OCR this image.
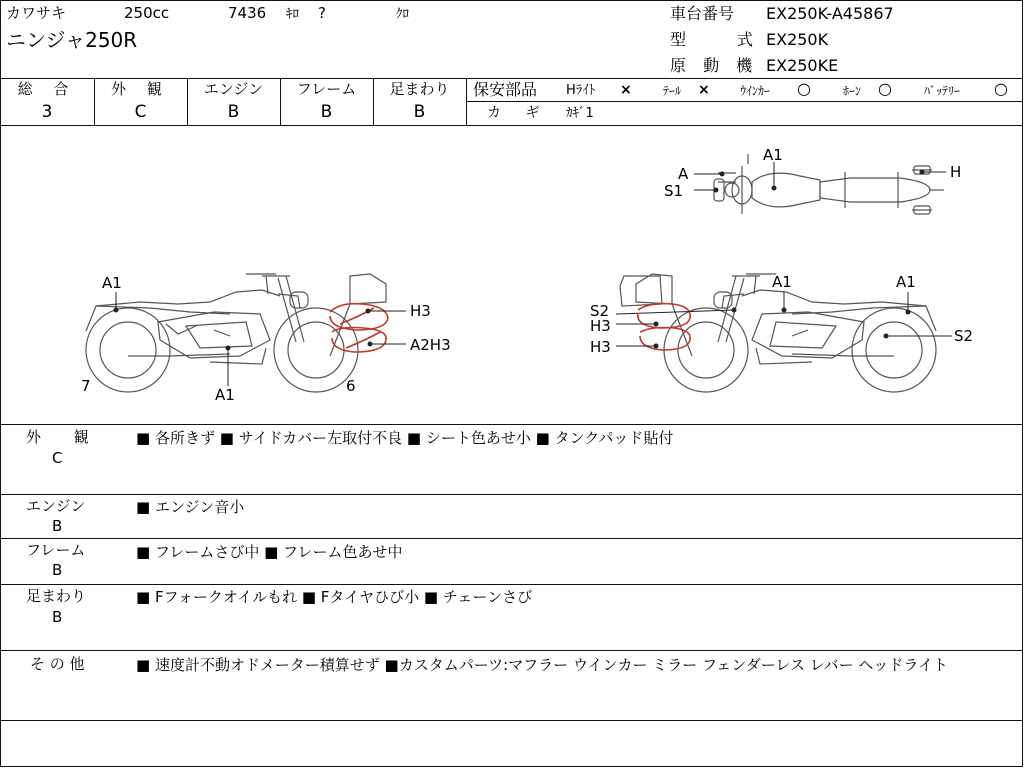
カワサキ	250cc	7436 ｷﾛ ?	ｸﾛ
ニンジャ250R
車台番号 EX250K-A45867
型	式 EX250K
原 動 機 EX250KE
総 合
3
外 観
C
エンジン
B
フレーム
B
足まわり
B
保安部品 Hﾗｲﾄ ×	ﾃｰﾙ ×	ｳｲﾝｶｰ ○	ﾎｰﾝ ○	ﾊﾞｯﾃﾘｰ ○
カ ギ ｶｷﾞ1
A1
A
S1
H
A1
H3
A2H3
7	A1	6
S2
H3
H3
A1	A1
S2
外 観
C
■ 各所きず ■ サイドカバー左取付不良 ■ シート色あせ小 ■ タンクパッド貼付
エンジン
B
■ エンジン音小
フレーム
B
■ フレームさび中 ■ フレーム色あせ中
足まわり
B
■ Fフォークオイルもれ ■ Fタイヤひび小 ■ チェーンさび
そ の 他	■ 速度計不動オドメーター積算せず ■カスタムパーツ:マフラー ウインカー ミラー フェンダーレス レバー ヘッドライト
